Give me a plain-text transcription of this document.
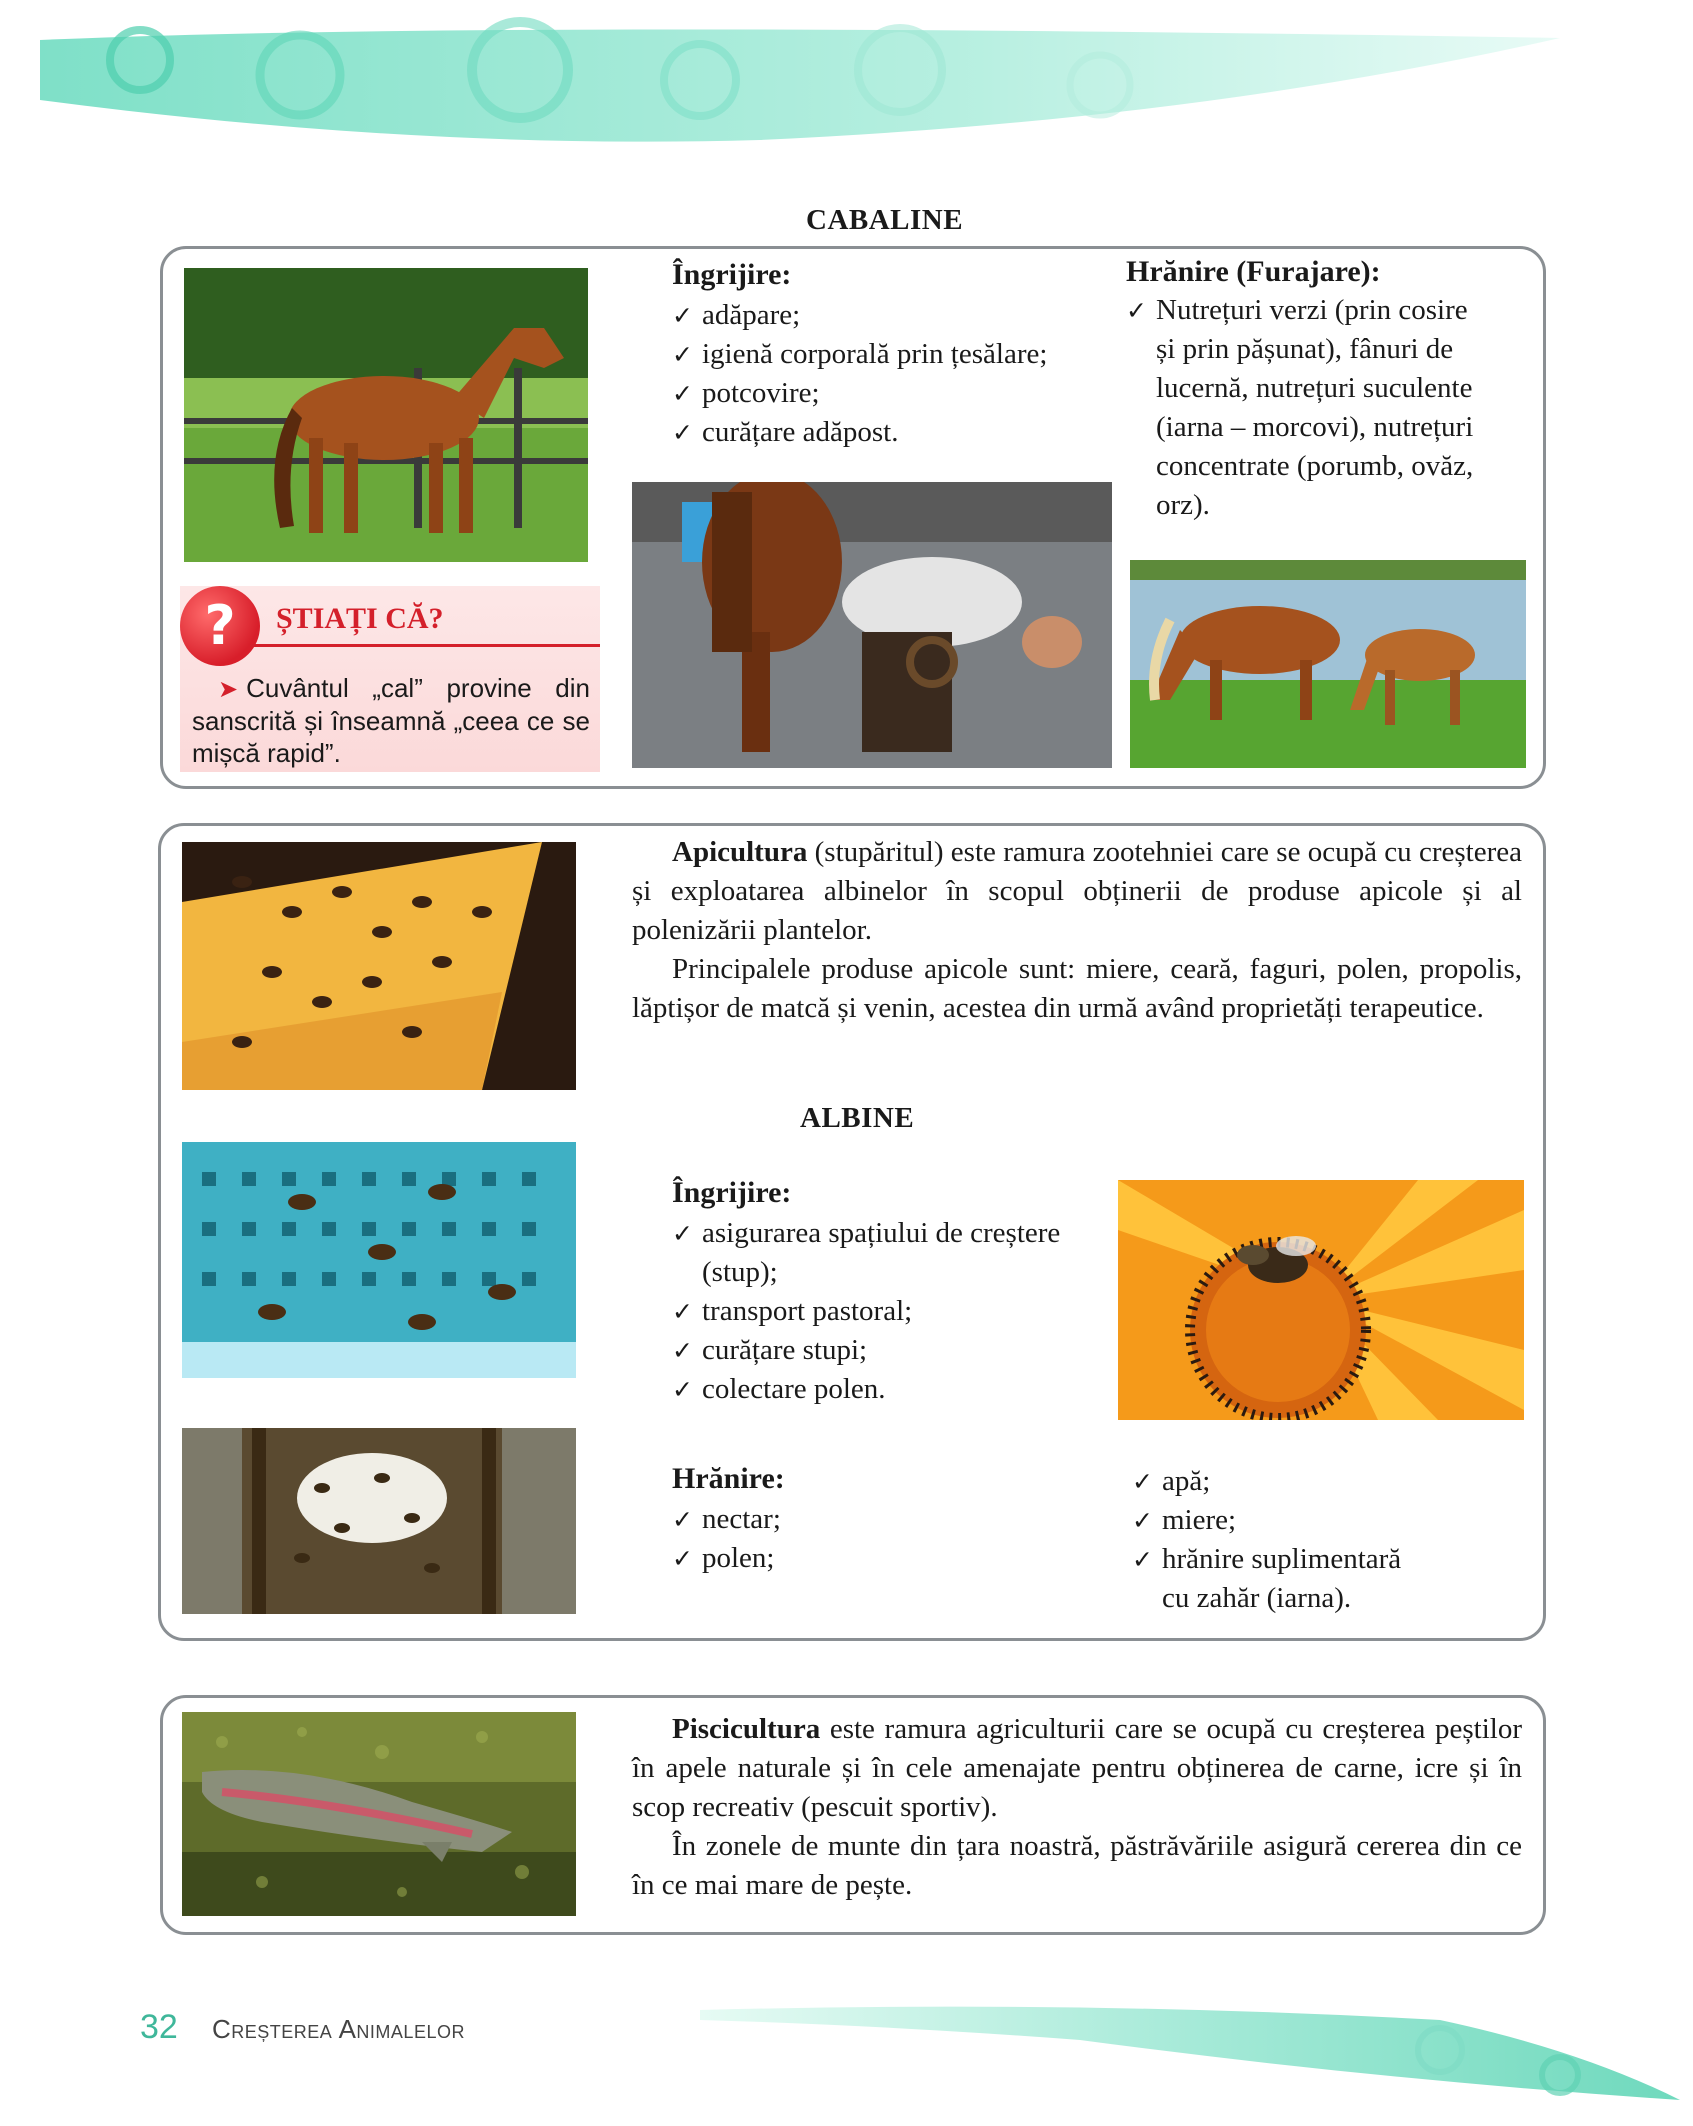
CABALINE
?	ȘTIAȚI CĂ?
➤ Cuvântul „cal” provine din sanscrită și înseamnă „ceea ce se mișcă rapid”.
Îngrijire:
✓ adăpare;
✓ igienă corporală prin țesălare;
✓ potcovire;
✓ curățare adăpost.
Hrănire (Furajare):
✓ Nutrețuri verzi (prin cosire
și prin pășunat), fânuri de
lucernă, nutrețuri suculente
(iarna – morcovi), nutrețuri
concentrate (porumb, ovăz,
orz).

Apicultura (stupăritul) este ramura zootehniei care se ocupă cu creșterea și exploatarea albinelor în scopul obținerii de produse apicole și al polenizării plantelor.

Principalele produse apicole sunt: miere, ceară, faguri, polen, propolis, lăptișor de matcă și venin, acestea din urmă având proprietăți terapeutice.

ALBINE
Îngrijire:
✓ asigurarea spațiului de creștere (stup);
✓ transport pastoral;
✓ curățare stupi;
✓ colectare polen.
Hrănire:
✓ nectar;
✓ polen;
✓ apă;
✓ miere;
✓ hrănire suplimentară cu zahăr (iarna).

Piscicultura este ramura agriculturii care se ocupă cu creșterea peștilor în apele naturale și în cele amenajate pentru obținerea de carne, icre și în scop recreativ (pescuit sportiv).

În zonele de munte din țara noastră, păstrăvăriile asigură cererea din ce în ce mai mare de pește.

32 Creșterea Animalelor
